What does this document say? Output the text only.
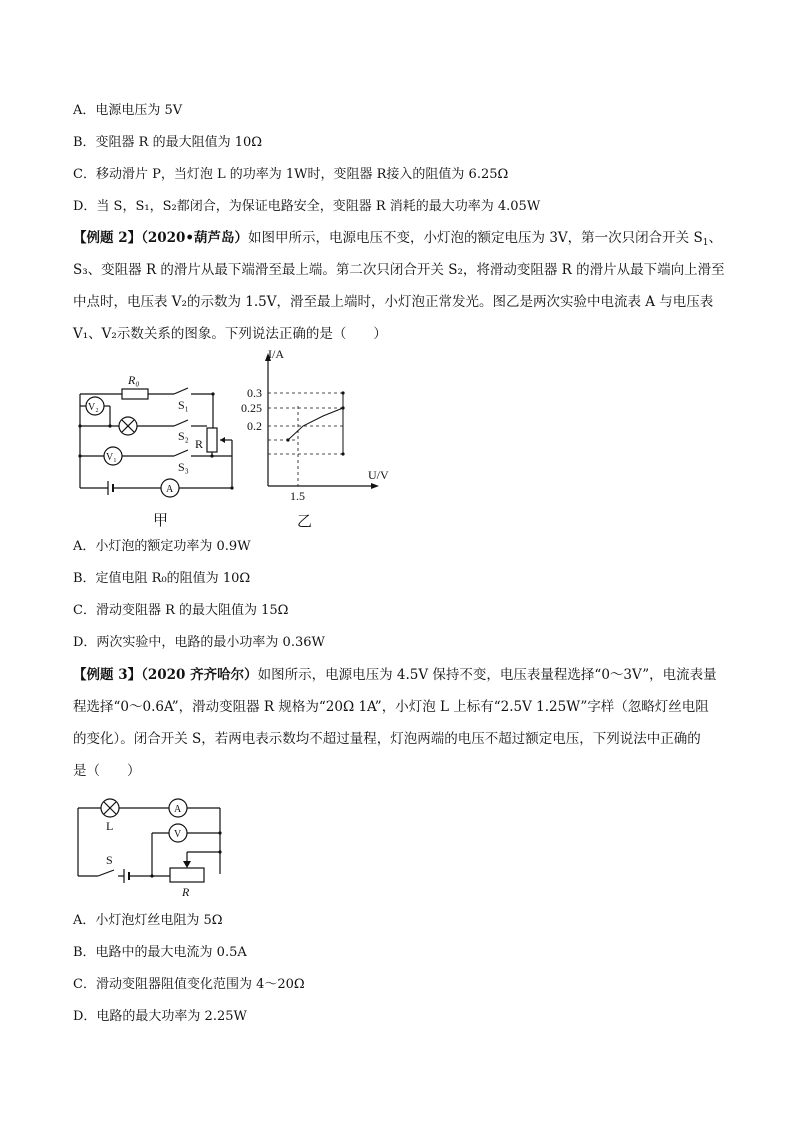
A．电源电压为 5V
B．变阻器 R 的最大阻值为 10Ω
C．移动滑片 P，当灯泡 L 的功率为 1W时，变阻器 R接入的阻值为 6.25Ω
D．当 S，S₁，S₂都闭合，为保证电路安全，变阻器 R 消耗的最大功率为 4.05W
【例题 2】（2020•葫芦岛）如图甲所示，电源电压不变，小灯泡的额定电压为 3V，第一次只闭合开关 $S_1$、
S₃、变阻器 R 的滑片从最下端滑至最上端。第二次只闭合开关 S₂，将滑动变阻器 R 的滑片从最下端向上滑至
中点时，电压表 V₂的示数为 1.5V，滑至最上端时，小灯泡正常发光。图乙是两次实验中电流表 A 与电压表
V₁、V₂示数关系的图象。下列说法正确的是（　　）
R₀
S₁
S₂
R
S₃
V₂
V₁
A
甲
I/A
U/V
0.3
0.25
0.2
1.5
乙
A．小灯泡的额定功率为 0.9W
B．定值电阻 R₀的阻值为 10Ω
C．滑动变阻器 R 的最大阻值为 15Ω
D．两次实验中，电路的最小功率为 0.36W
【例题 3】（2020 齐齐哈尔）如图所示，电源电压为 4.5V 保持不变，电压表量程选择“0～3V”，电流表量
程选择“0～0.6A”，滑动变阻器 R 规格为“20Ω 1A”，小灯泡 L 上标有“2.5V 1.25W”字样（忽略灯丝电阻
的变化）。闭合开关 S，若两电表示数均不超过量程，灯泡两端的电压不超过额定电压，下列说法中正确的
是（　　）
L
A
V
S
R
A．小灯泡灯丝电阻为 5Ω
B．电路中的最大电流为 0.5A
C．滑动变阻器阻值变化范围为 4～20Ω
D．电路的最大功率为 2.25W
